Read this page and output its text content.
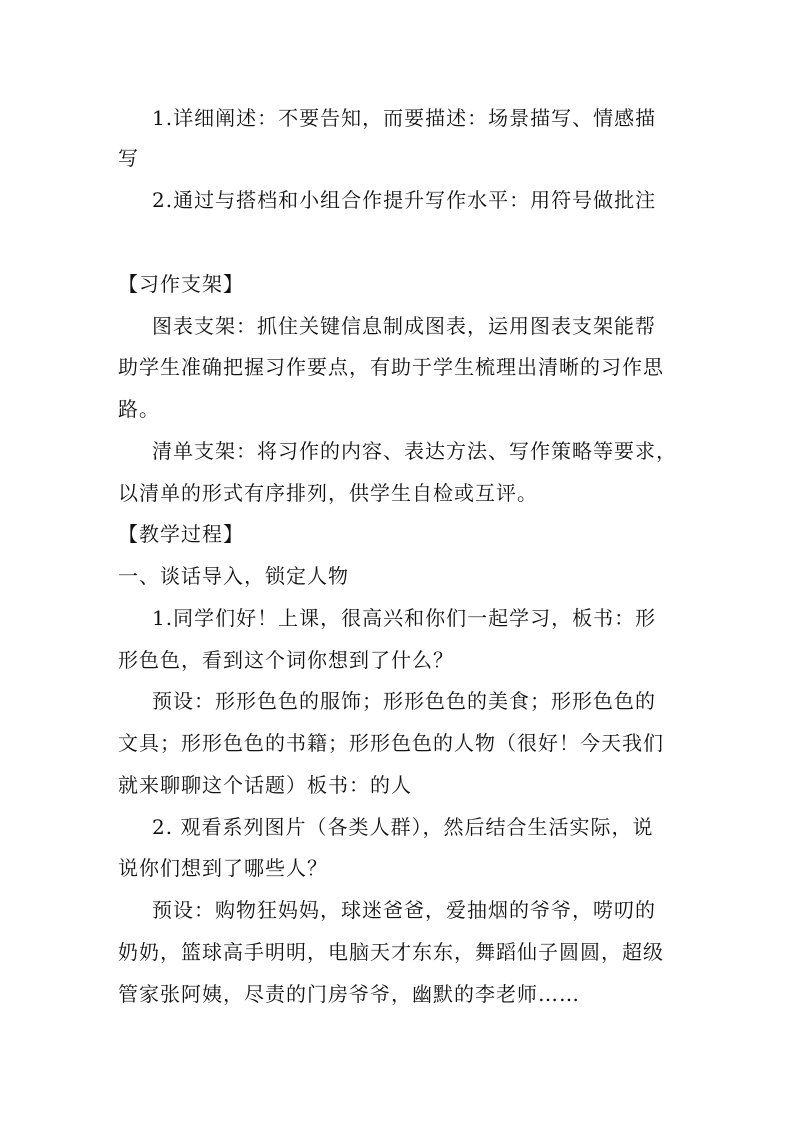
1.详细阐述：不要告知，而要描述：场景描写、情感描
写
2.通过与搭档和小组合作提升写作水平：用符号做批注
【习作支架】
图表支架：抓住关键信息制成图表，运用图表支架能帮
助学生准确把握习作要点，有助于学生梳理出清晰的习作思
路。
清单支架：将习作的内容、表达方法、写作策略等要求，
以清单的形式有序排列，供学生自检或互评。
【教学过程】
一、谈话导入，锁定人物
1.同学们好！上课，很高兴和你们一起学习，板书：形
形色色，看到这个词你想到了什么？
预设：形形色色的服饰；形形色色的美食；形形色色的
文具；形形色色的书籍；形形色色的人物（很好！今天我们
就来聊聊这个话题）板书：的人
2. 观看系列图片（各类人群），然后结合生活实际，说
说你们想到了哪些人？
预设：购物狂妈妈，球迷爸爸，爱抽烟的爷爷，唠叨的
奶奶，篮球高手明明，电脑天才东东，舞蹈仙子圆圆，超级
管家张阿姨，尽责的门房爷爷，幽默的李老师……
